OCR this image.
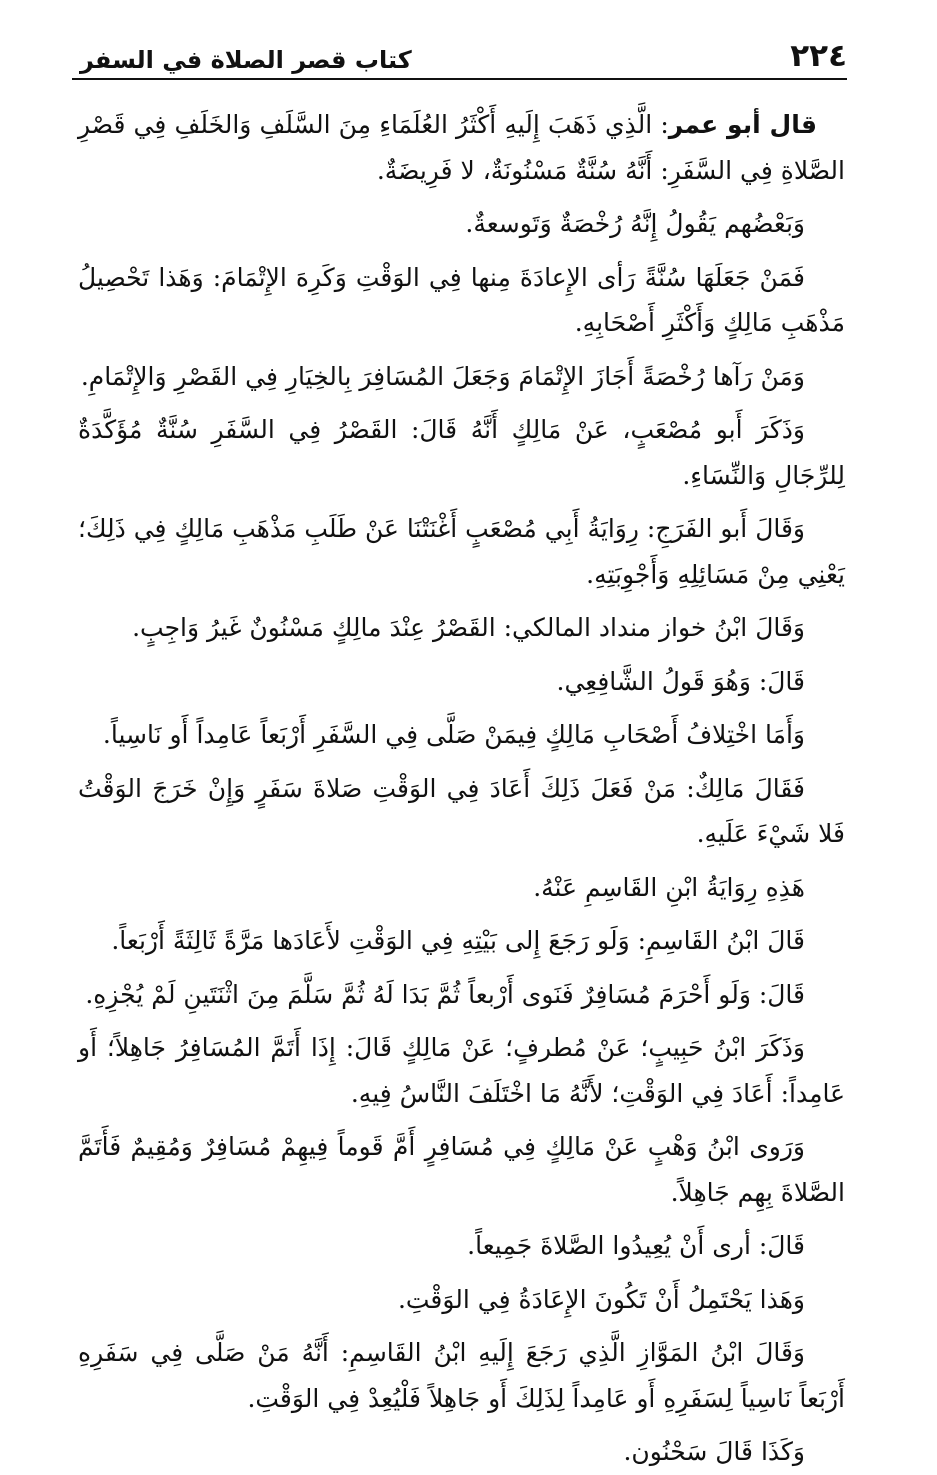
٢٢٤
كتاب قصر الصلاة في السفر

قال أبو عمر: الَّذِي ذَهَبَ إِلَيهِ أَكْثَرُ العُلَمَاءِ مِنَ السَّلَفِ وَالخَلَفِ فِي قَصْرِ الصَّلاةِ فِي السَّفَرِ: أَنَّهُ سُنَّةٌ مَسْنُونَةٌ، لا فَرِيضَةٌ.

وَبَعْضُهم يَقُولُ إِنَّهُ رُخْصَةٌ وَتَوسعةٌ.

فَمَنْ جَعَلَهَا سُنَّةً رَأى الإِعادَةَ مِنها فِي الوَقْتِ وَكَرِهَ الإِتْمَامَ: وَهَذا تَحْصِيلُ مَذْهَبِ مَالِكٍ وَأَكْثَرِ أَصْحَابِهِ.

وَمَنْ رَآها رُخْصَةً أَجَازَ الإِتْمَامَ وَجَعَلَ المُسَافِرَ بِالخِيَارِ فِي القَصْرِ وَالإِتْمَامِ.

وَذَكَرَ أَبو مُصْعَبٍ، عَنْ مَالِكٍ أَنَّهُ قَالَ: القَصْرُ فِي السَّفَرِ سُنَّةٌ مُؤَكَّدَةٌ لِلرِّجَالِ وَالنِّسَاءِ.

وَقَالَ أَبو الفَرَجِ: رِوَايَةُ أَبِي مُصْعَبٍ أَغْنَتْنَا عَنْ طَلَبِ مَذْهَبِ مَالِكٍ فِي ذَلِكَ؛ يَعْنِي مِنْ مَسَائِلِهِ وَأَجْوِبَتِهِ.

وَقَالَ ابْنُ خواز منداد المالكي: القَصْرُ عِنْدَ مالِكٍ مَسْنُونٌ غَيرُ وَاجِبٍ.

قَالَ: وَهُوَ قَولُ الشَّافِعِي.

وَأَمَا اخْتِلافُ أَصْحَابِ مَالِكٍ فِيمَنْ صَلَّى فِي السَّفَرِ أَرْبَعاً عَامِداً أَو نَاسِياً.

فَقَالَ مَالِكٌ: مَنْ فَعَلَ ذَلِكَ أَعَادَ فِي الوَقْتِ صَلاةَ سَفَرٍ وَإِنْ خَرَجَ الوَقْتُ فَلا شَيْءَ عَلَيهِ.

هَذِهِ رِوَايَةُ ابْنِ القَاسِمِ عَنْهُ.

قَالَ ابْنُ القَاسِمِ: وَلَو رَجَعَ إِلى بَيْتِهِ فِي الوَقْتِ لأَعَادَها مَرَّةً ثَالِثَةً أَرْبَعاً.

قَالَ: وَلَو أَحْرَمَ مُسَافِرٌ فَنَوى أَرْبعاً ثُمَّ بَدَا لَهُ ثُمَّ سَلَّمَ مِنَ اثْنَتَينِ لَمْ يُجْزِهِ.

وَذَكَرَ ابْنُ حَبِيبٍ؛ عَنْ مُطرفٍ؛ عَنْ مَالِكٍ قَالَ: إِذَا أَتَمَّ المُسَافِرُ جَاهِلاً؛ أَو عَامِداً: أَعَادَ فِي الوَقْتِ؛ لأَنَّهُ مَا اخْتَلَفَ النَّاسُ فِيهِ.

وَرَوى ابْنُ وَهْبٍ عَنْ مَالِكٍ فِي مُسَافِرٍ أَمَّ قَوماً فِيهِمْ مُسَافِرٌ وَمُقِيمٌ فَأَتَمَّ الصَّلاةَ بِهِم جَاهِلاً.

قَالَ: أرى أَنْ يُعِيدُوا الصَّلاةَ جَمِيعاً.

وَهَذا يَحْتَمِلُ أَنْ تَكُونَ الإِعَادَةُ فِي الوَقْتِ.

وَقَالَ ابْنُ المَوَّازِ الَّذِي رَجَعَ إِلَيهِ ابْنُ القَاسِمِ: أَنَّهُ مَنْ صَلَّى فِي سَفَرِهِ أَرْبَعاً نَاسِياً لِسَفَرِهِ أَو عَامِداً لِذَلِكَ أَو جَاهِلاً فَلْيُعِدْ فِي الوَقْتِ.

وَكَذَا قَالَ سَحْنُون.
